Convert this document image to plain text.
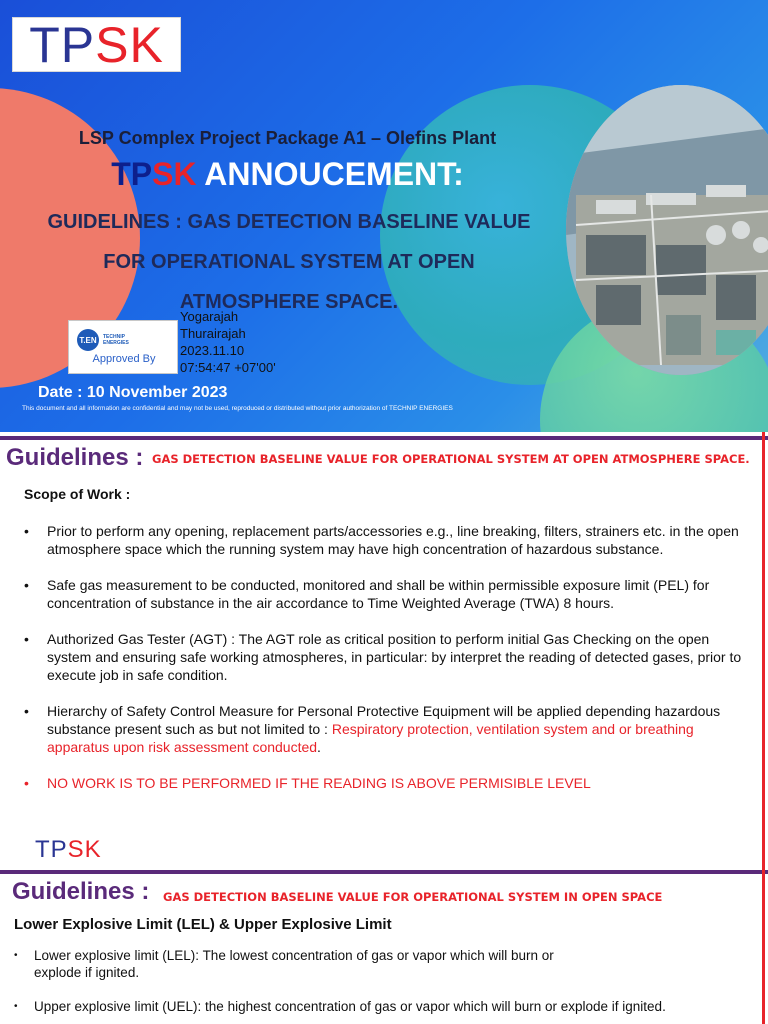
TP SK
LSP Complex Project Package A1 – Olefins Plant
TPSK ANNOUCEMENT:
GUIDELINES : GAS DETECTION BASELINE VALUE
FOR OPERATIONAL SYSTEM AT OPEN
ATMOSPHERE SPACE.
T.EN	TECHNIP
ENERGIES
Approved By
Yogarajah
Thurairajah
2023.11.10
07:54:47 +07'00'
Date : 10 November 2023
This document and all information are confidential and may not be used, reproduced or distributed without prior authorization of TECHNIP ENERGIES
Guidelines : GAS DETECTION BASELINE VALUE FOR OPERATIONAL SYSTEM AT OPEN ATMOSPHERE SPACE.
Scope of Work :
• Prior to perform any opening, replacement parts/accessories e.g., line breaking, filters, strainers etc. in the open atmosphere space which the running system may have high concentration of hazardous substance.
• Safe gas measurement to be conducted, monitored and shall be within permissible exposure limit (PEL) for concentration of substance in the air accordance to Time Weighted Average (TWA) 8 hours.
• Authorized Gas Tester (AGT) : The AGT role as critical position to perform initial Gas Checking on the open system and ensuring safe working atmospheres, in particular: by interpret the reading of detected gases, prior to execute job in safe condition.
• Hierarchy of Safety Control Measure for Personal Protective Equipment will be applied depending hazardous substance present such as but not limited to : Respiratory protection, ventilation system and or breathing apparatus upon risk assessment conducted.
• NO WORK IS TO BE PERFORMED IF THE READING IS ABOVE PERMISIBLE LEVEL
TPSK
Guidelines : GAS DETECTION BASELINE VALUE FOR OPERATIONAL SYSTEM IN OPEN SPACE
Lower Explosive Limit (LEL) & Upper Explosive Limit
• Lower explosive limit (LEL): The lowest concentration of gas or vapor which will burn or explode if ignited.
• Upper explosive limit (UEL): the highest concentration of gas or vapor which will burn or explode if ignited.
